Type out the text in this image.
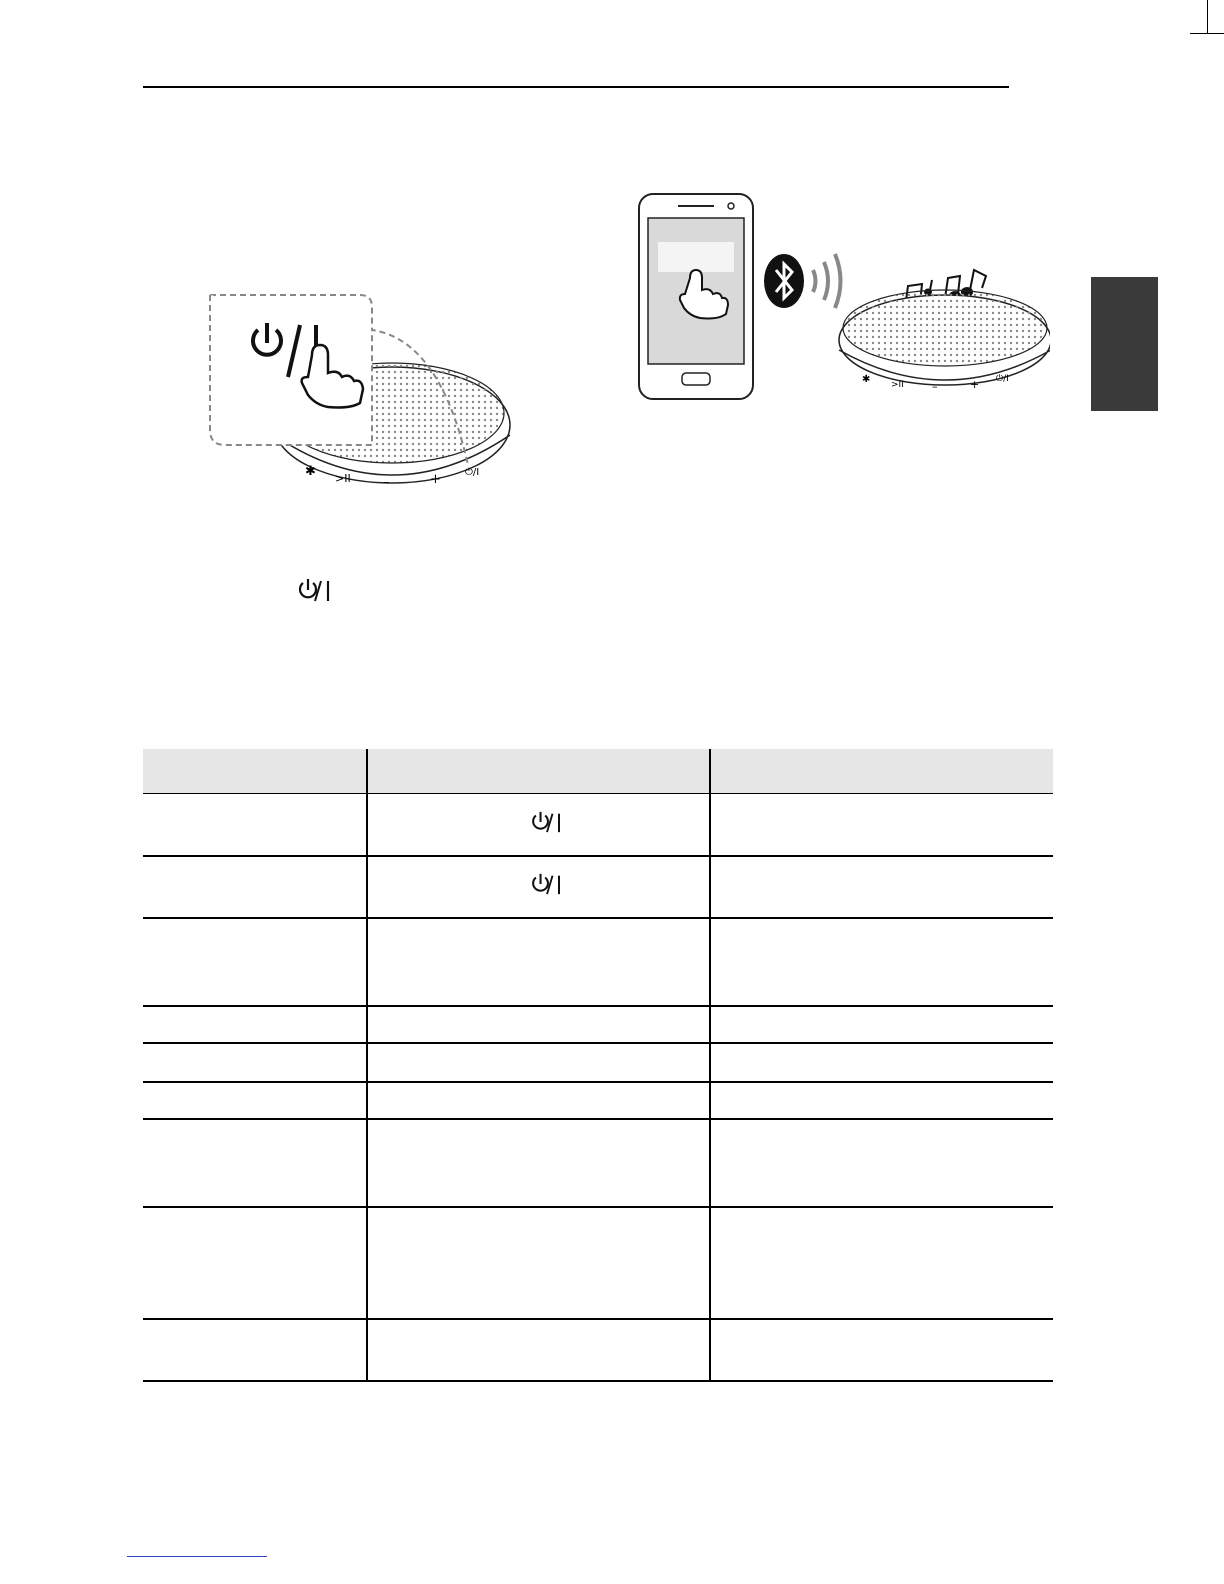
✱ >II –	+ ⏻/I
✱ >II	–	+ ⏻/I
